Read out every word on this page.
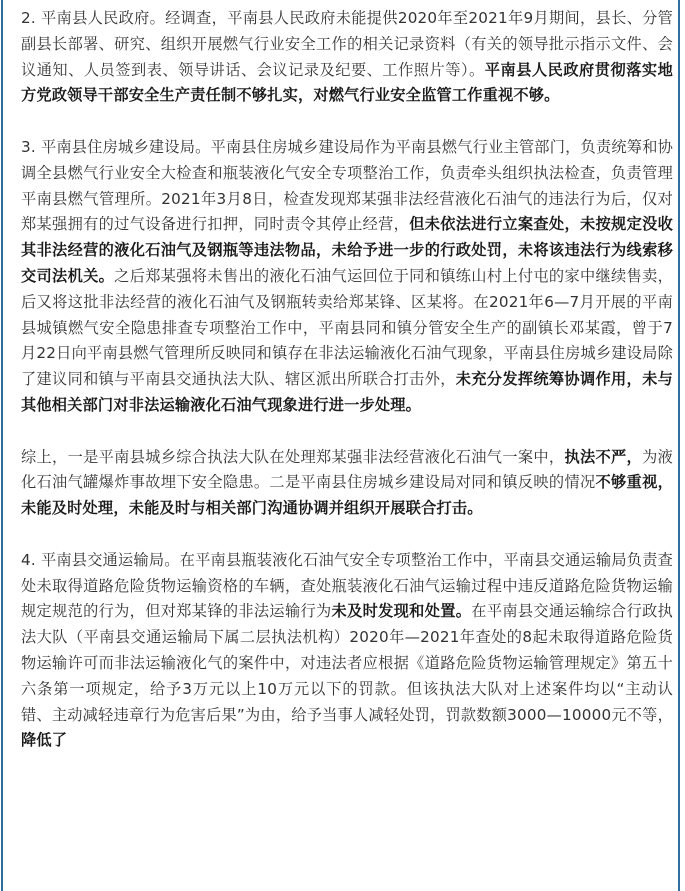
2. 平南县人民政府。经调查，平南县人民政府未能提供2020年至2021年9月期间，县长、分管副县长部署、研究、组织开展燃气行业安全工作的相关记录资料（有关的领导批示指示文件、会议通知、人员签到表、领导讲话、会议记录及纪要、工作照片等）。平南县人民政府贯彻落实地方党政领导干部安全生产责任制不够扎实，对燃气行业安全监管工作重视不够。

3. 平南县住房城乡建设局。平南县住房城乡建设局作为平南县燃气行业主管部门，负责统筹和协调全县燃气行业安全大检查和瓶装液化气安全专项整治工作，负责牵头组织执法检查，负责管理平南县燃气管理所。2021年3月8日，检查发现郑某强非法经营液化石油气的违法行为后，仅对郑某强拥有的过气设备进行扣押，同时责令其停止经营，但未依法进行立案查处，未按规定没收其非法经营的液化石油气及钢瓶等违法物品，未给予进一步的行政处罚，未将该违法行为线索移交司法机关。之后郑某强将未售出的液化石油气运回位于同和镇练山村上付屯的家中继续售卖，后又将这批非法经营的液化石油气及钢瓶转卖给郑某锋、区某将。在2021年6—7月开展的平南县城镇燃气安全隐患排查专项整治工作中，平南县同和镇分管安全生产的副镇长邓某霞，曾于7月22日向平南县燃气管理所反映同和镇存在非法运输液化石油气现象，平南县住房城乡建设局除了建议同和镇与平南县交通执法大队、辖区派出所联合打击外，未充分发挥统筹协调作用，未与其他相关部门对非法运输液化石油气现象进行进一步处理。

综上，一是平南县城乡综合执法大队在处理郑某强非法经营液化石油气一案中，执法不严，为液化石油气罐爆炸事故埋下安全隐患。二是平南县住房城乡建设局对同和镇反映的情况不够重视，未能及时处理，未能及时与相关部门沟通协调并组织开展联合打击。

4. 平南县交通运输局。在平南县瓶装液化石油气安全专项整治工作中，平南县交通运输局负责查处未取得道路危险货物运输资格的车辆，查处瓶装液化石油气运输过程中违反道路危险货物运输规定规范的行为，但对郑某锋的非法运输行为未及时发现和处置。在平南县交通运输综合行政执法大队（平南县交通运输局下属二层执法机构）2020年—2021年查处的8起未取得道路危险货物运输许可而非法运输液化气的案件中，对违法者应根据《道路危险货物运输管理规定》第五十六条第一项规定，给予3万元以上10万元以下的罚款。但该执法大队对上述案件均以“主动认错、主动减轻违章行为危害后果”为由，给予当事人减轻处罚，罚款数额3000—10000元不等，降低了
